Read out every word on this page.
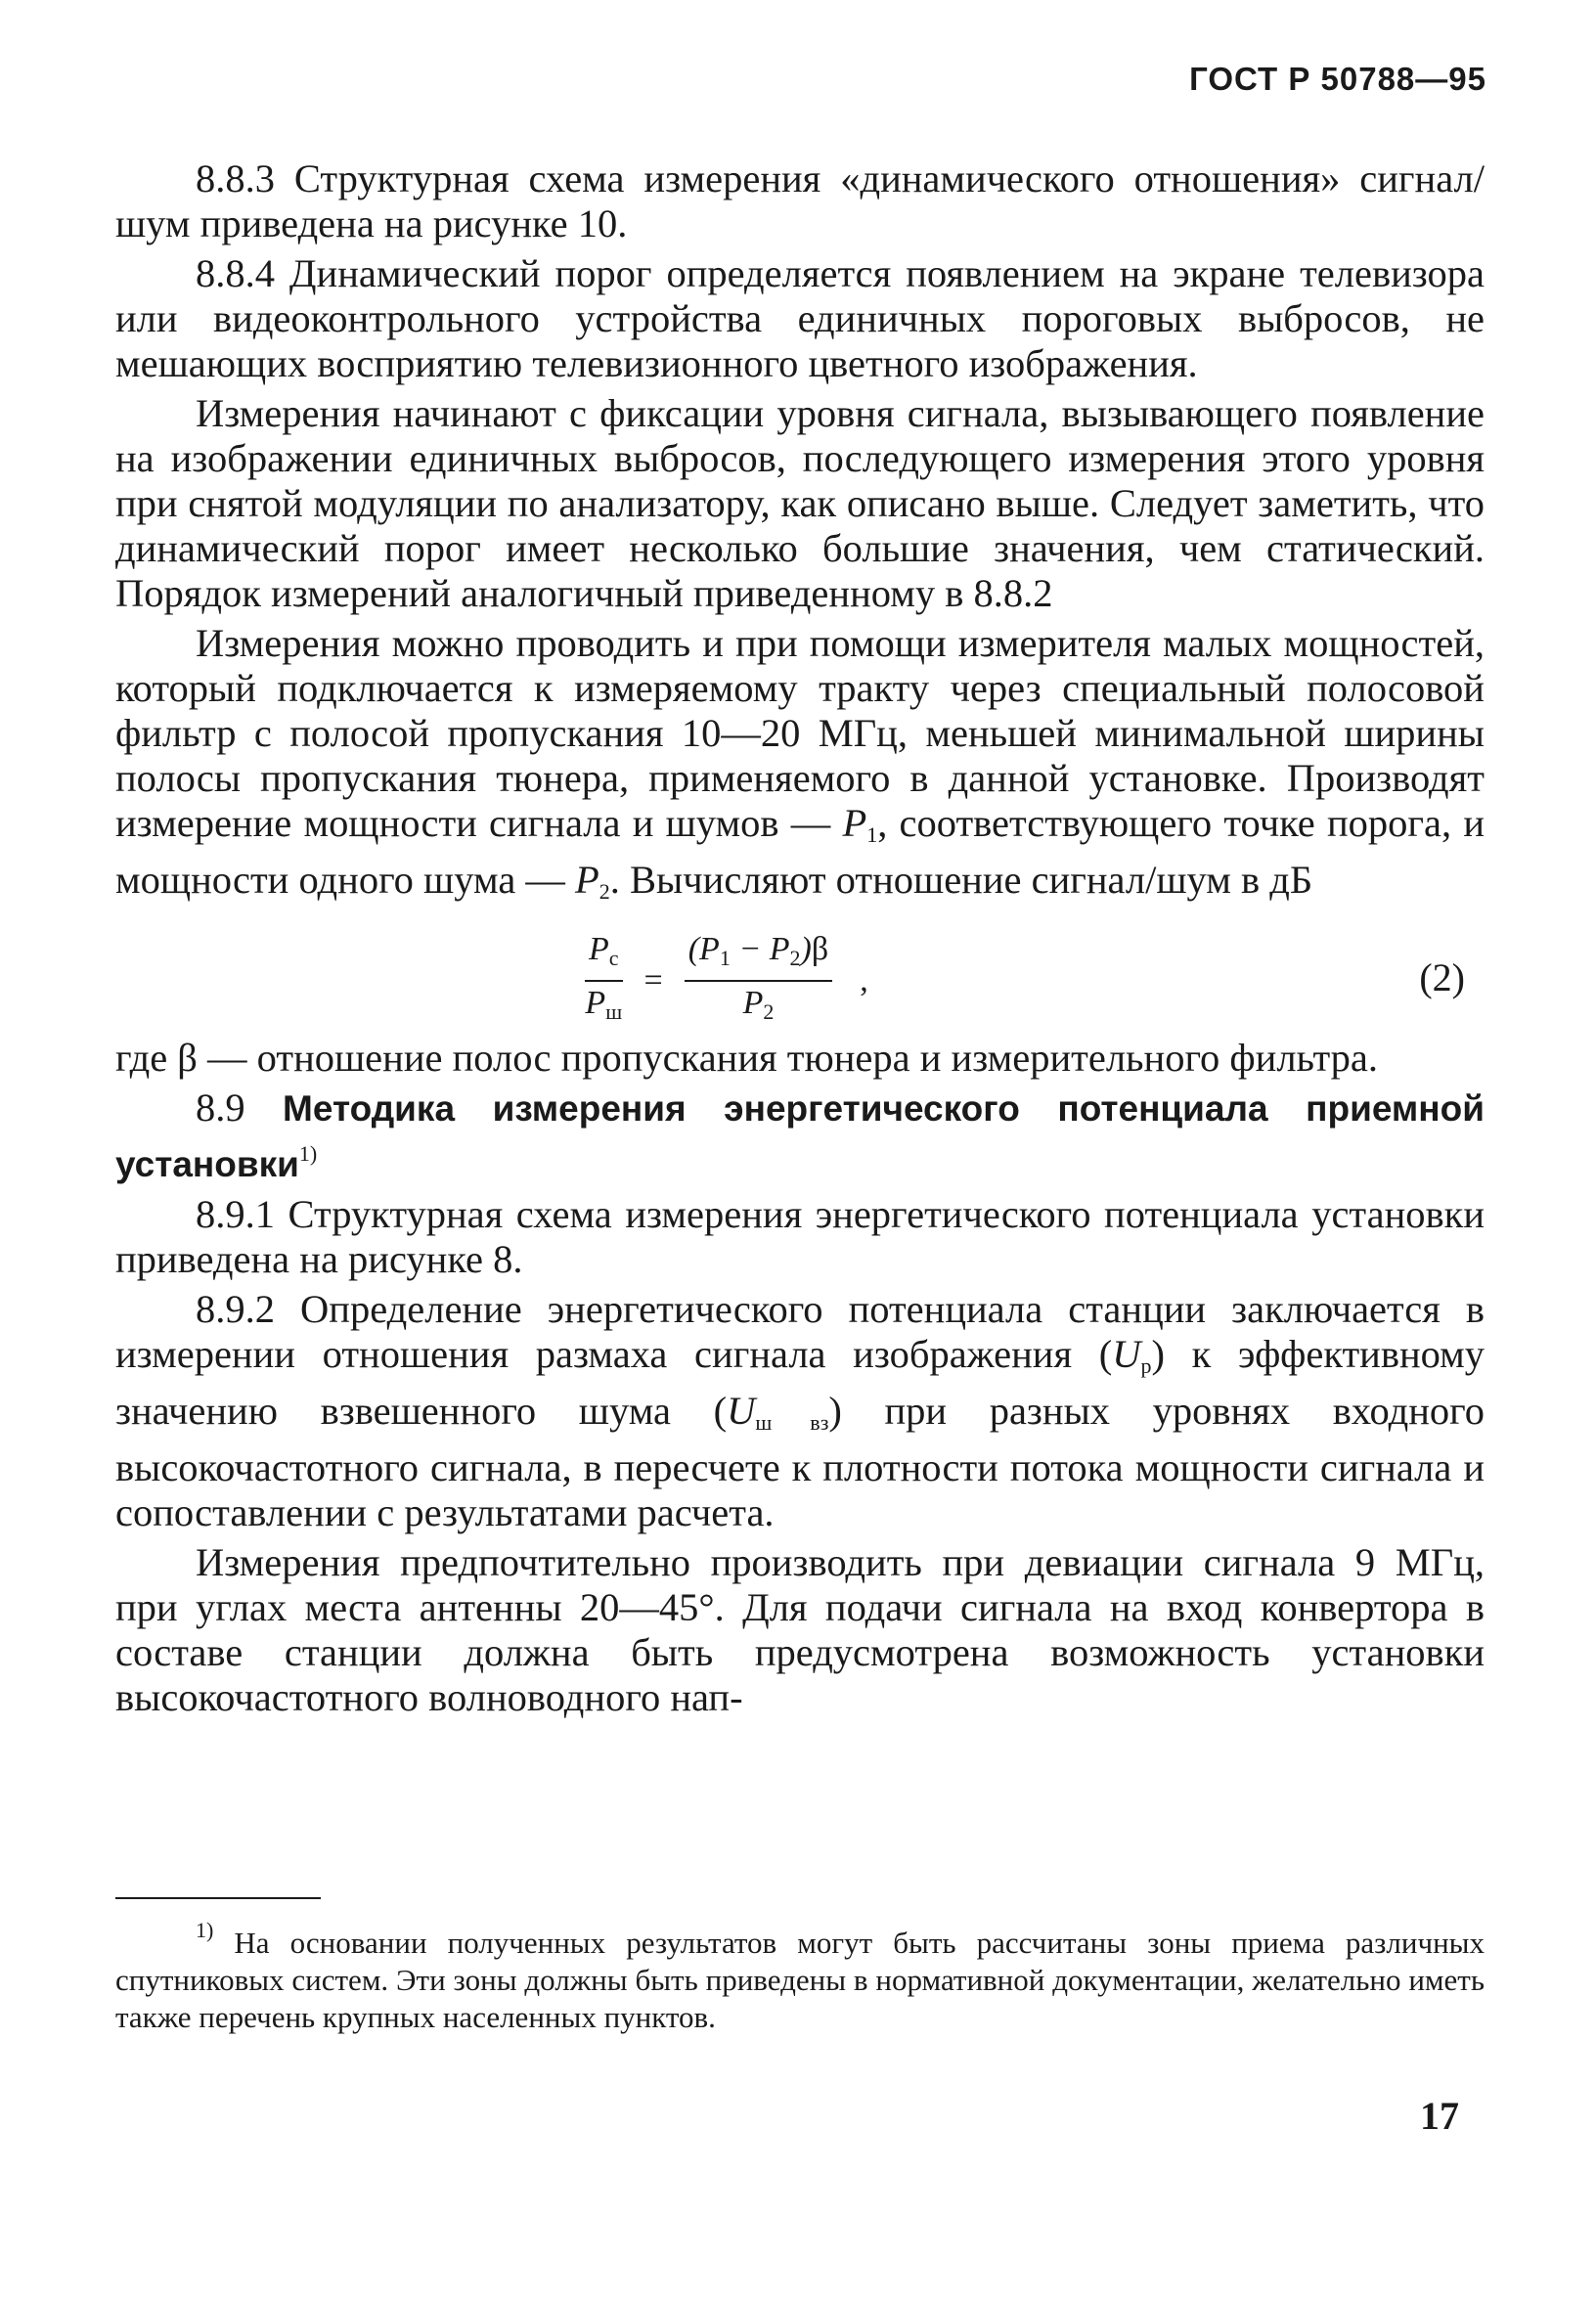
ГОСТ Р 50788—95

8.8.3 Структурная схема измерения «динамического отношения» сигнал/шум приведена на рисунке 10.

8.8.4 Динамический порог определяется появлением на экране телевизора или видеоконтрольного устройства единичных пороговых выбросов, не мешающих восприятию телевизионного цветного изображения.

Измерения начинают с фиксации уровня сигнала, вызывающего появление на изображении единичных выбросов, последующего измерения этого уровня при снятой модуляции по анализатору, как описано выше. Следует заметить, что динамический порог имеет несколько большие значения, чем статический. Порядок измерений аналогичный приведенному в 8.8.2

Измерения можно проводить и при помощи измерителя малых мощностей, который подключается к измеряемому тракту через специальный полосовой фильтр с полосой пропускания 10—20 МГц, меньшей минимальной ширины полосы пропускания тюнера, применяемого в данной установке. Производят измерение мощности сигнала и шумов — $P_1$, соответствующего точке порога, и мощности одного шума — $P_2$. Вычисляют отношение сигнал/шум в дБ

$\frac{P_с}{P_ш} = \frac{(P_1 - P_2)\beta}{P_2}$ ,	(2)

где β — отношение полос пропускания тюнера и измерительного фильтра.

8.9 Методика измерения энергетического потенциала приемной установки$^{1)}$

8.9.1 Структурная схема измерения энергетического потенциала установки приведена на рисунке 8.

8.9.2 Определение энергетического потенциала станции заключается в измерении отношения размаха сигнала изображения $(U_р)$ к эффективному значению взвешенного шума $(U_{ш вз})$ при разных уровнях входного высокочастотного сигнала, в пересчете к плотности потока мощности сигнала и сопоставлении с результатами расчета.

Измерения предпочтительно производить при девиации сигнала 9 МГц, при углах места антенны 20—45°. Для подачи сигнала на вход конвертора в составе станции должна быть предусмотрена возможность установки высокочастотного волноводного нап-

$^{1)}$ На основании полученных результатов могут быть рассчитаны зоны приема различных спутниковых систем. Эти зоны должны быть приведены в нормативной документации, желательно иметь также перечень крупных населенных пунктов.

17
